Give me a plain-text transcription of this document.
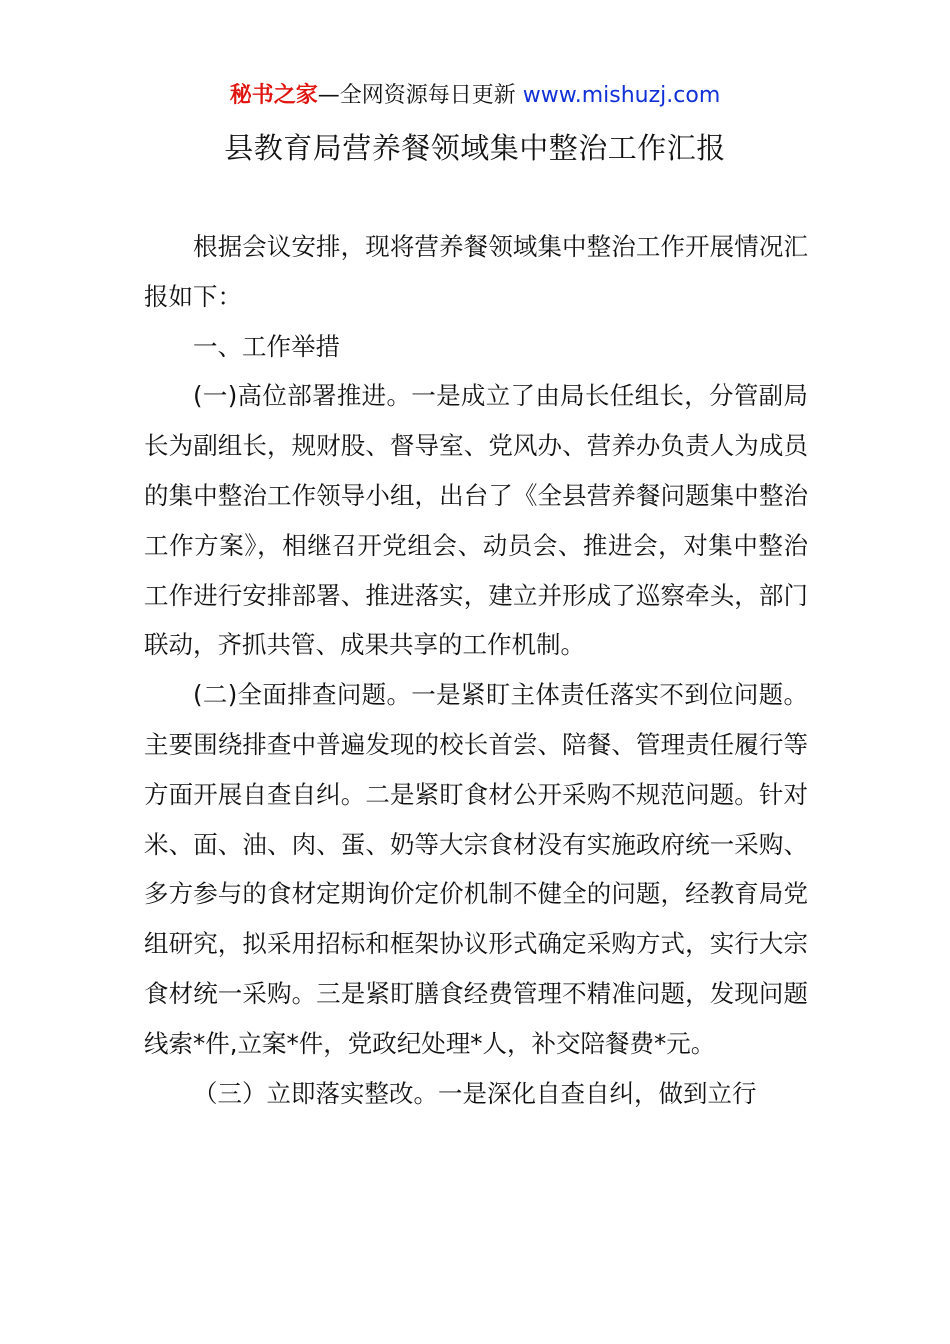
秘书之家—全网资源每日更新 www.mishuzj.com
县教育局营养餐领域集中整治工作汇报

根据会议安排，现将营养餐领域集中整治工作开展情况汇报如下：

一、工作举措

(一)高位部署推进。一是成立了由局长任组长，分管副局长为副组长，规财股、督导室、党风办、营养办负责人为成员的集中整治工作领导小组，出台了《全县营养餐问题集中整治工作方案》，相继召开党组会、动员会、推进会，对集中整治工作进行安排部署、推进落实，建立并形成了巡察牵头，部门联动，齐抓共管、成果共享的工作机制。

(二)全面排查问题。一是紧盯主体责任落实不到位问题。主要围绕排查中普遍发现的校长首尝、陪餐、管理责任履行等方面开展自查自纠。二是紧盯食材公开采购不规范问题。针对米、面、油、肉、蛋、奶等大宗食材没有实施政府统一采购、多方参与的食材定期询价定价机制不健全的问题，经教育局党组研究，拟采用招标和框架协议形式确定采购方式，实行大宗食材统一采购。三是紧盯膳食经费管理不精准问题，发现问题线索*件,立案*件，党政纪处理*人，补交陪餐费*元。

（三）立即落实整改。一是深化自查自纠，做到立行
